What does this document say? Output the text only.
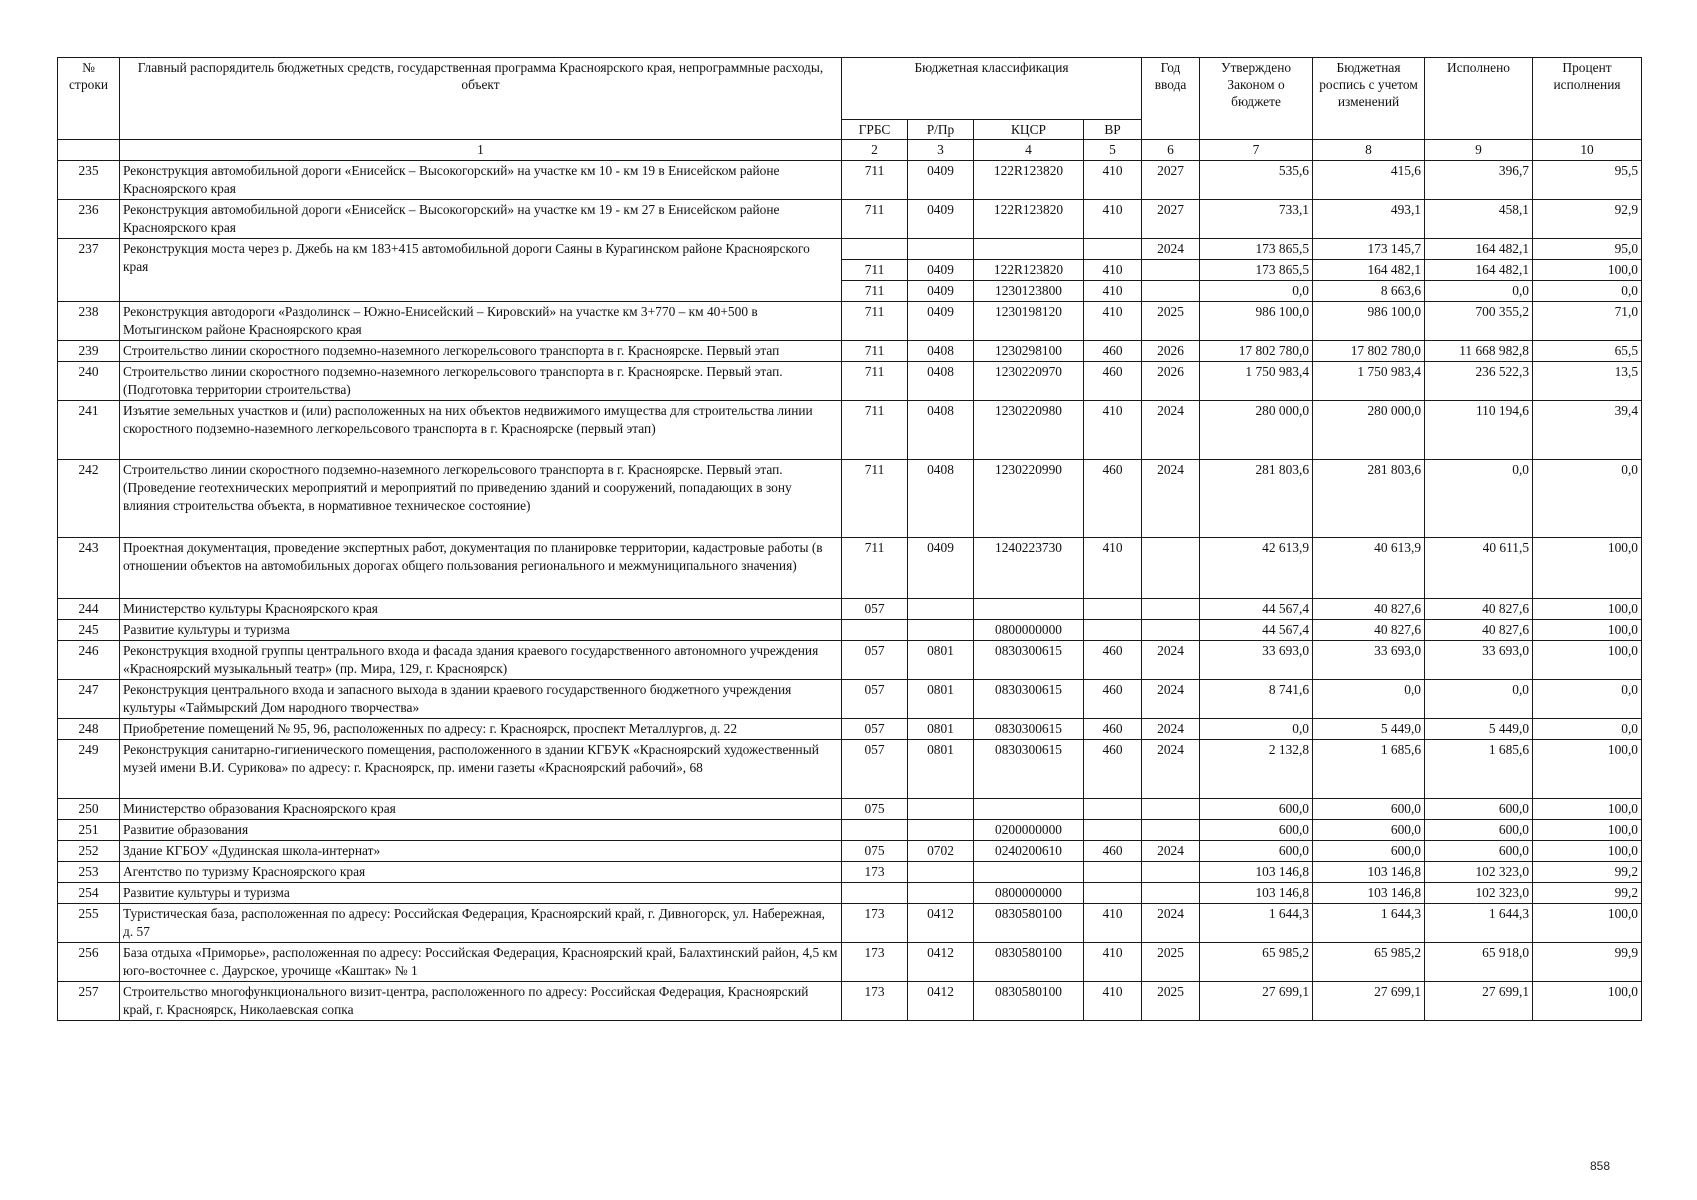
№ строки	Главный распорядитель бюджетных средств, государственная программа Красноярского края, непрограммные расходы, объект	Бюджетная классификация				Год ввода	Утверждено Законом о бюджете	Бюджетная роспись с учетом изменений	Исполнено	Процент исполнения
		ГРБС	Р/Пр	КЦСР	ВР					
	1	2	3	4	5	6	7	8	9	10
235	Реконструкция автомобильной дороги «Енисейск – Высокогорский» на участке км 10 - км 19 в Енисейском районе Красноярского края	711	0409	122R123820	410	2027	535,6	415,6	396,7	95,5
236	Реконструкция автомобильной дороги «Енисейск – Высокогорский» на участке км 19 - км 27 в Енисейском районе Красноярского края	711	0409	122R123820	410	2027	733,1	493,1	458,1	92,9
237	Реконструкция моста через р. Джебь на км 183+415 автомобильной дороги Саяны в Курагинском районе Красноярского края					2024	173 865,5	173 145,7	164 482,1	95,0
		711	0409	122R123820	410		173 865,5	164 482,1	164 482,1	100,0
		711	0409	1230123800	410		0,0	8 663,6	0,0	0,0
238	Реконструкция автодороги «Раздолинск – Южно-Енисейский – Кировский» на участке км 3+770 – км 40+500 в Мотыгинском районе Красноярского края	711	0409	1230198120	410	2025	986 100,0	986 100,0	700 355,2	71,0
239	Строительство линии скоростного подземно-наземного легкорельсового транспорта в г. Красноярске. Первый этап	711	0408	1230298100	460	2026	17 802 780,0	17 802 780,0	11 668 982,8	65,5
240	Строительство линии скоростного подземно-наземного легкорельсового транспорта в г. Красноярске. Первый этап. (Подготовка территории строительства)	711	0408	1230220970	460	2026	1 750 983,4	1 750 983,4	236 522,3	13,5
241	Изъятие земельных участков и (или) расположенных на них объектов недвижимого имущества для строительства линии скоростного подземно-наземного легкорельсового транспорта в г. Красноярске (первый этап)	711	0408	1230220980	410	2024	280 000,0	280 000,0	110 194,6	39,4
242	Строительство линии скоростного подземно-наземного легкорельсового транспорта в г. Красноярске. Первый этап. (Проведение геотехнических мероприятий и мероприятий по приведению зданий и сооружений, попадающих в зону влияния строительства объекта, в нормативное техническое состояние)	711	0408	1230220990	460	2024	281 803,6	281 803,6	0,0	0,0
243	Проектная документация, проведение экспертных работ, документация по планировке территории, кадастровые работы (в отношении объектов на автомобильных дорогах общего пользования регионального и межмуниципального значения)	711	0409	1240223730	410		42 613,9	40 613,9	40 611,5	100,0
244	Министерство культуры Красноярского края	057					44 567,4	40 827,6	40 827,6	100,0
245	Развитие культуры и туризма			0800000000			44 567,4	40 827,6	40 827,6	100,0
246	Реконструкция входной группы центрального входа и фасада здания краевого государственного автономного учреждения «Красноярский музыкальный театр» (пр. Мира, 129, г. Красноярск)	057	0801	0830300615	460	2024	33 693,0	33 693,0	33 693,0	100,0
247	Реконструкция центрального входа и запасного выхода в здании краевого государственного бюджетного учреждения культуры «Таймырский Дом народного творчества»	057	0801	0830300615	460	2024	8 741,6	0,0	0,0	0,0
248	Приобретение помещений № 95, 96, расположенных по адресу: г. Красноярск, проспект Металлургов, д. 22	057	0801	0830300615	460	2024	0,0	5 449,0	5 449,0	0,0
249	Реконструкция санитарно-гигиенического помещения, расположенного в здании КГБУК «Красноярский художественный музей имени В.И. Сурикова» по адресу: г. Красноярск, пр. имени газеты «Красноярский рабочий», 68	057	0801	0830300615	460	2024	2 132,8	1 685,6	1 685,6	100,0
250	Министерство образования Красноярского края	075					600,0	600,0	600,0	100,0
251	Развитие образования			0200000000			600,0	600,0	600,0	100,0
252	Здание КГБОУ «Дудинская школа-интернат»	075	0702	0240200610	460	2024	600,0	600,0	600,0	100,0
253	Агентство по туризму Красноярского края	173					103 146,8	103 146,8	102 323,0	99,2
254	Развитие культуры и туризма			0800000000			103 146,8	103 146,8	102 323,0	99,2
255	Туристическая база, расположенная по адресу: Российская Федерация, Красноярский край, г. Дивногорск, ул. Набережная, д. 57	173	0412	0830580100	410	2024	1 644,3	1 644,3	1 644,3	100,0
256	База отдыха «Приморье», расположенная по адресу: Российская Федерация, Красноярский край, Балахтинский район, 4,5 км юго-восточнее с. Даурское, урочище «Каштак» № 1	173	0412	0830580100	410	2025	65 985,2	65 985,2	65 918,0	99,9
257	Строительство многофункционального визит-центра, расположенного по адресу: Российская Федерация, Красноярский край, г. Красноярск, Николаевская сопка	173	0412	0830580100	410	2025	27 699,1	27 699,1	27 699,1	100,0
858
